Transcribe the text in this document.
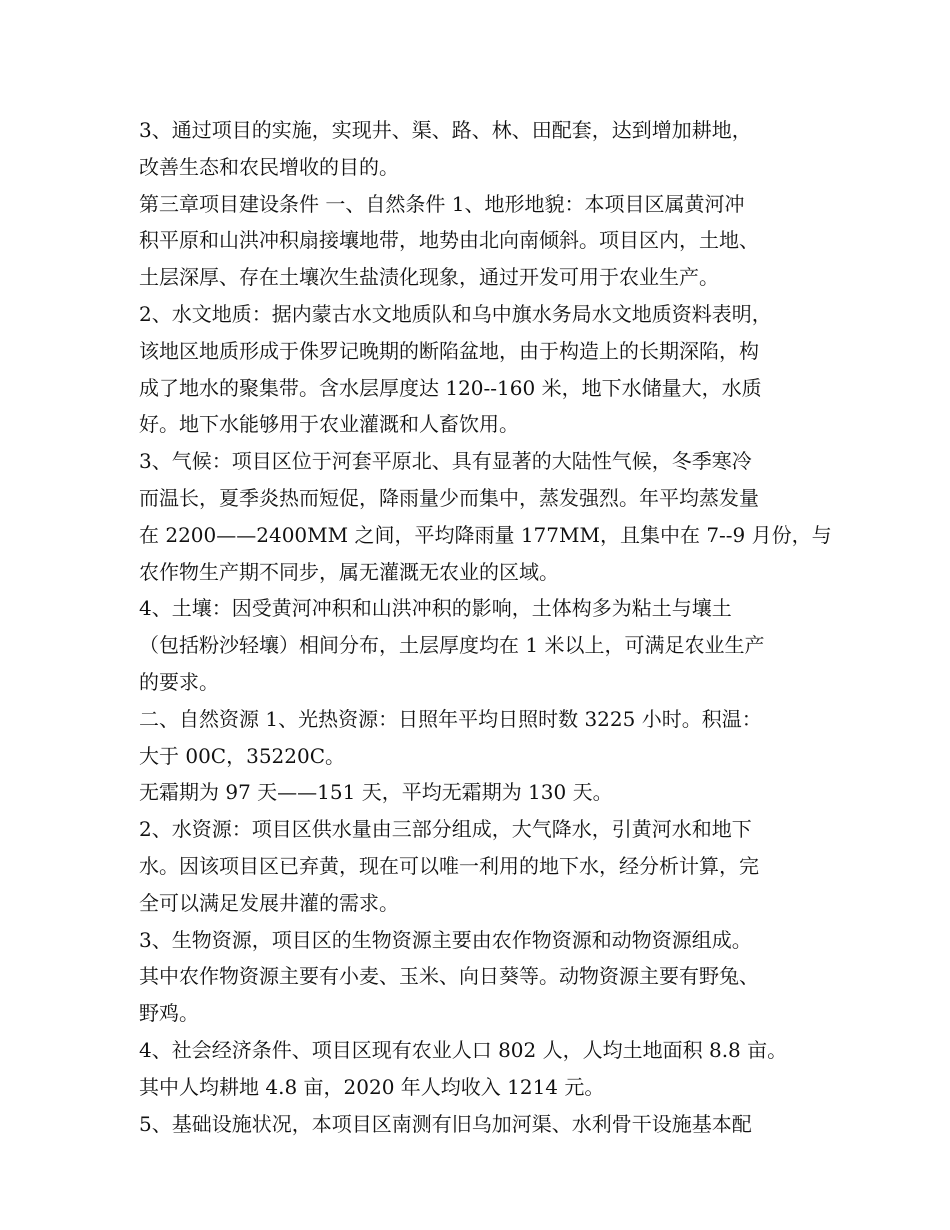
3、通过项目的实施，实现井、渠、路、林、田配套，达到增加耕地，
改善生态和农民增收的目的。
第三章项目建设条件 一、自然条件 1、地形地貌：本项目区属黄河冲
积平原和山洪冲积扇接壤地带，地势由北向南倾斜。项目区内，土地、
土层深厚、存在土壤次生盐渍化现象，通过开发可用于农业生产。
2、水文地质：据内蒙古水文地质队和乌中旗水务局水文地质资料表明，
该地区地质形成于侏罗记晚期的断陷盆地，由于构造上的长期深陷，构
成了地水的聚集带。含水层厚度达 120--160 米，地下水储量大，水质
好。地下水能够用于农业灌溉和人畜饮用。
3、气候：项目区位于河套平原北、具有显著的大陆性气候，冬季寒冷
而温长，夏季炎热而短促，降雨量少而集中，蒸发强烈。年平均蒸发量
在 2200——2400MM 之间，平均降雨量 177MM，且集中在 7--9 月份，与
农作物生产期不同步，属无灌溉无农业的区域。
4、土壤：因受黄河冲积和山洪冲积的影响，土体构多为粘土与壤土
（包括粉沙轻壤）相间分布，土层厚度均在 1 米以上，可满足农业生产
的要求。
二、自然资源 1、光热资源：日照年平均日照时数 3225 小时。积温：
大于 00C，35220C。
无霜期为 97 天——151 天，平均无霜期为 130 天。
2、水资源：项目区供水量由三部分组成，大气降水，引黄河水和地下
水。因该项目区已弃黄，现在可以唯一利用的地下水，经分析计算，完
全可以满足发展井灌的需求。
3、生物资源，项目区的生物资源主要由农作物资源和动物资源组成。
其中农作物资源主要有小麦、玉米、向日葵等。动物资源主要有野兔、
野鸡。
4、社会经济条件、项目区现有农业人口 802 人，人均土地面积 8.8 亩。
其中人均耕地 4.8 亩，2020 年人均收入 1214 元。
5、基础设施状况，本项目区南测有旧乌加河渠、水利骨干设施基本配
